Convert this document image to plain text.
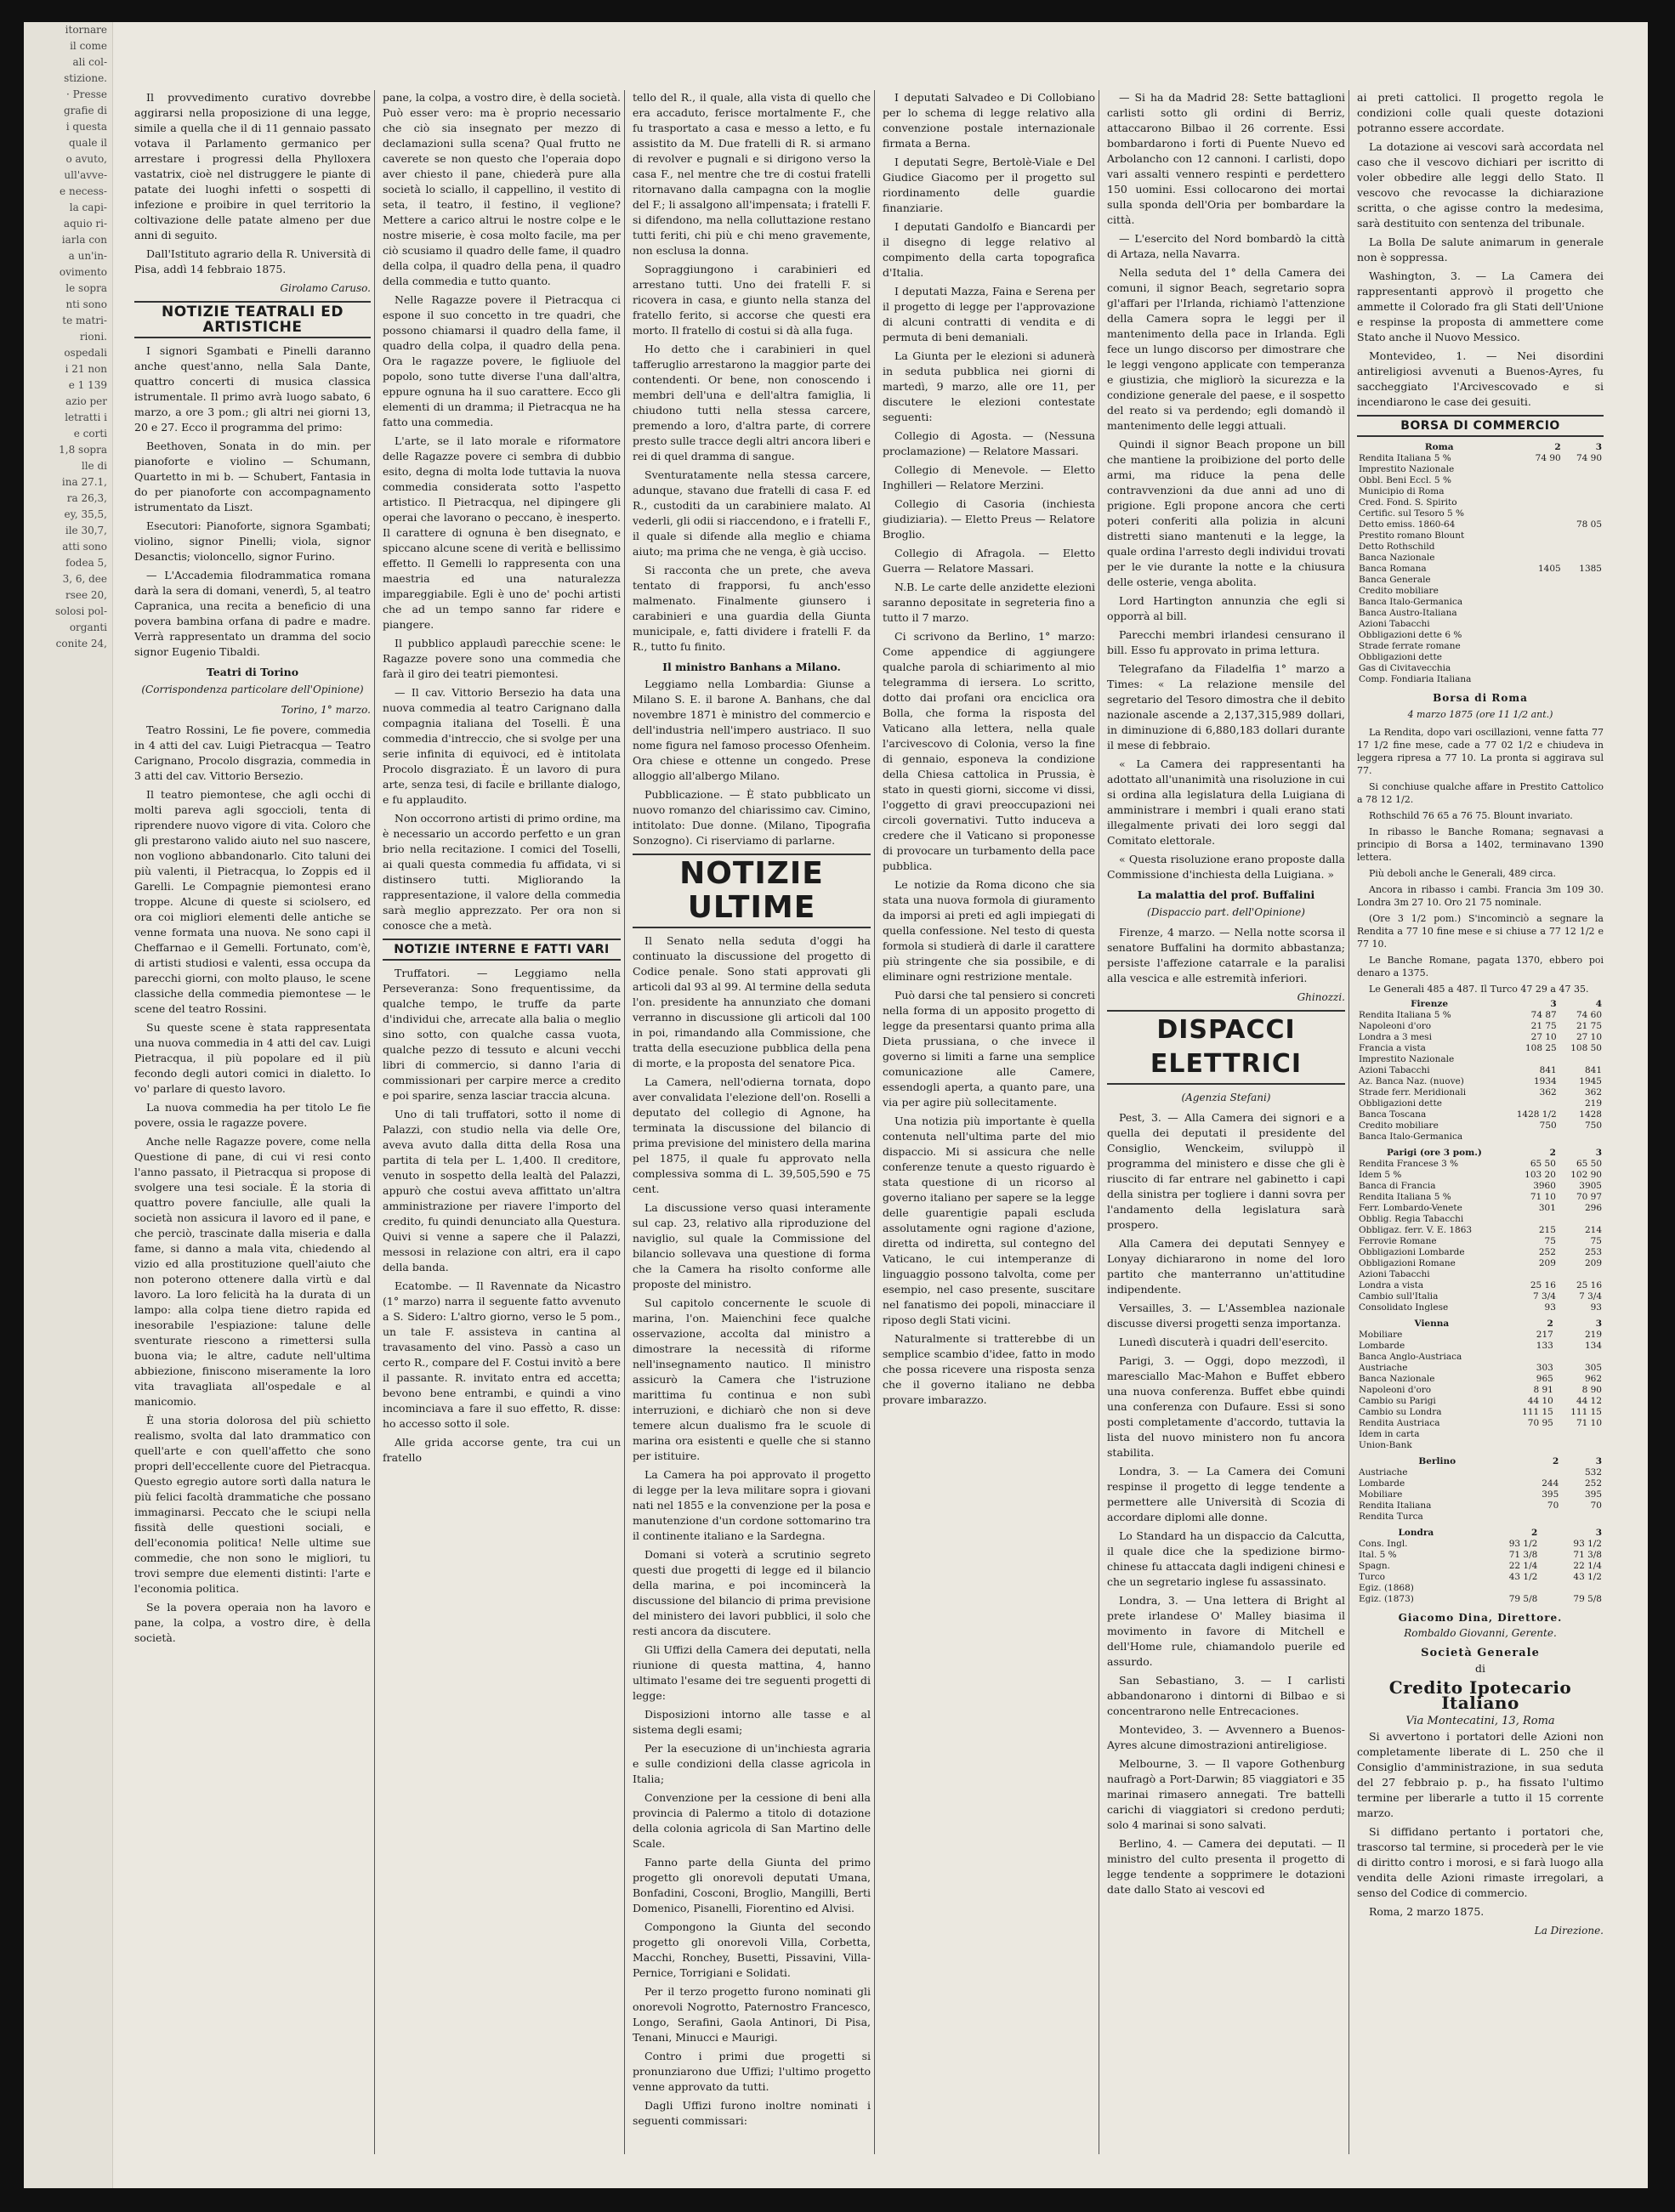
itornare
il come
ali col-
stizione.
· Presse
grafie di
i questa
quale il
o avuto,
ull'avve-
e necess-
la capi-
aquio ri-
iarla con
a un'in-
ovimento
le sopra
nti sono
te matri-
rioni.
ospedali
i 21 non
e 1 139
azio per
letratti i
e corti
1,8 sopra
lle di
ina 27.1,
ra 26,3,
ey, 35,5,
ile 30,7,
atti sono
fodea 5,
3, 6, dee
rsee 20,
solosi pol-
organti
conite 24,

Il provvedimento curativo dovrebbe aggirarsi nella proposizione di una legge, simile a quella che il di 11 gennaio passato votava il Parlamento germanico per arrestare i progressi della Phylloxera vastatrix, cioè nel distruggere le piante di patate dei luoghi infetti o sospetti di infezione e proibire in quel territorio la coltivazione delle patate almeno per due anni di seguito.

Dall'Istituto agrario della R. Università di Pisa, addì 14 febbraio 1875.

Girolamo Caruso.
NOTIZIE TEATRALI ED ARTISTICHE

I signori Sgambati e Pinelli daranno anche quest'anno, nella Sala Dante, quattro concerti di musica classica istrumentale. Il primo avrà luogo sabato, 6 marzo, a ore 3 pom.; gli altri nei giorni 13, 20 e 27. Ecco il programma del primo:

Beethoven, Sonata in do min. per pianoforte e violino — Schumann, Quartetto in mi b. — Schubert, Fantasia in do per pianoforte con accompagnamento istrumentato da Liszt.

Esecutori: Pianoforte, signora Sgambati; violino, signor Pinelli; viola, signor Desanctis; violoncello, signor Furino.

— L'Accademia filodrammatica romana darà la sera di domani, venerdì, 5, al teatro Capranica, una recita a beneficio di una povera bambina orfana di padre e madre. Verrà rappresentato un dramma del socio signor Eugenio Tibaldi.

Teatri di Torino
(Corrispondenza particolare dell'Opinione)
Torino, 1° marzo.

Teatro Rossini, Le fie povere, commedia in 4 atti del cav. Luigi Pietracqua — Teatro Carignano, Procolo disgrazia, commedia in 3 atti del cav. Vittorio Bersezio.

Il teatro piemontese, che agli occhi di molti pareva agli sgoccioli, tenta di riprendere nuovo vigore di vita. Coloro che gli prestarono valido aiuto nel suo nascere, non vogliono abbandonarlo. Cito taluni dei più valenti, il Pietracqua, lo Zoppis ed il Garelli. Le Compagnie piemontesi erano troppe. Alcune di queste si sciolsero, ed ora coi migliori elementi delle antiche se venne formata una nuova. Ne sono capi il Cheffarnao e il Gemelli. Fortunato, com'è, di artisti studiosi e valenti, essa occupa da parecchi giorni, con molto plauso, le scene classiche della commedia piemontese — le scene del teatro Rossini.

Su queste scene è stata rappresentata una nuova commedia in 4 atti del cav. Luigi Pietracqua, il più popolare ed il più fecondo degli autori comici in dialetto. Io vo' parlare di questo lavoro.

La nuova commedia ha per titolo Le fie povere, ossia le ragazze povere.

Anche nelle Ragazze povere, come nella Questione di pane, di cui vi resi conto l'anno passato, il Pietracqua si propose di svolgere una tesi sociale. È la storia di quattro povere fanciulle, alle quali la società non assicura il lavoro ed il pane, e che perciò, trascinate dalla miseria e dalla fame, si danno a mala vita, chiedendo al vizio ed alla prostituzione quell'aiuto che non poterono ottenere dalla virtù e dal lavoro. La loro felicità ha la durata di un lampo: alla colpa tiene dietro rapida ed inesorabile l'espiazione: talune delle sventurate riescono a rimettersi sulla buona via; le altre, cadute nell'ultima abbiezione, finiscono miseramente la loro vita travagliata all'ospedale e al manicomio.

È una storia dolorosa del più schietto realismo, svolta dal lato drammatico con quell'arte e con quell'affetto che sono propri dell'eccellente cuore del Pietracqua. Questo egregio autore sortì dalla natura le più felici facoltà drammatiche che possano immaginarsi. Peccato che le sciupi nella fissità delle questioni sociali, e dell'economia politica! Nelle ultime sue commedie, che non sono le migliori, tu trovi sempre due elementi distinti: l'arte e l'economia politica.

Se la povera operaia non ha lavoro e pane, la colpa, a vostro dire, è della società.

pane, la colpa, a vostro dire, è della società. Può esser vero: ma è proprio necessario che ciò sia insegnato per mezzo di declamazioni sulla scena? Qual frutto ne caverete se non questo che l'operaia dopo aver chiesto il pane, chiederà pure alla società lo sciallo, il cappellino, il vestito di seta, il teatro, il festino, il veglione? Mettere a carico altrui le nostre colpe e le nostre miserie, è cosa molto facile, ma per ciò scusiamo il quadro delle fame, il quadro della colpa, il quadro della pena, il quadro della commedia e tutto quanto.

Nelle Ragazze povere il Pietracqua ci espone il suo concetto in tre quadri, che possono chiamarsi il quadro della fame, il quadro della colpa, il quadro della pena. Ora le ragazze povere, le figliuole del popolo, sono tutte diverse l'una dall'altra, eppure ognuna ha il suo carattere. Ecco gli elementi di un dramma; il Pietracqua ne ha fatto una commedia.

L'arte, se il lato morale e riformatore delle Ragazze povere ci sembra di dubbio esito, degna di molta lode tuttavia la nuova commedia considerata sotto l'aspetto artistico. Il Pietracqua, nel dipingere gli operai che lavorano o peccano, è inesperto. Il carattere di ognuna è ben disegnato, e spiccano alcune scene di verità e bellissimo effetto. Il Gemelli lo rappresenta con una maestria ed una naturalezza impareggiabile. Egli è uno de' pochi artisti che ad un tempo sanno far ridere e piangere.

Il pubblico applaudì parecchie scene: le Ragazze povere sono una commedia che farà il giro dei teatri piemontesi.

— Il cav. Vittorio Bersezio ha data una nuova commedia al teatro Carignano dalla compagnia italiana del Toselli. È una commedia d'intreccio, che si svolge per una serie infinita di equivoci, ed è intitolata Procolo disgraziato. È un lavoro di pura arte, senza tesi, di facile e brillante dialogo, e fu applaudito.

Non occorrono artisti di primo ordine, ma è necessario un accordo perfetto e un gran brio nella recitazione. I comici del Toselli, ai quali questa commedia fu affidata, vi si distinsero tutti. Migliorando la rappresentazione, il valore della commedia sarà meglio apprezzato. Per ora non si conosce che a metà.

NOTIZIE INTERNE E FATTI VARI

Truffatori. — Leggiamo nella Perseveranza: Sono frequentissime, da qualche tempo, le truffe da parte d'individui che, arrecate alla balia o meglio sino sotto, con qualche cassa vuota, qualche pezzo di tessuto e alcuni vecchi libri di commercio, si danno l'aria di commissionari per carpire merce a credito e poi sparire, senza lasciar traccia alcuna.

Uno di tali truffatori, sotto il nome di Palazzi, con studio nella via delle Ore, aveva avuto dalla ditta della Rosa una partita di tela per L. 1,400. Il creditore, venuto in sospetto della lealtà del Palazzi, appurò che costui aveva affittato un'altra amministrazione per riavere l'importo del credito, fu quindi denunciato alla Questura. Quivi si venne a sapere che il Palazzi, messosi in relazione con altri, era il capo della banda.

Ecatombe. — Il Ravennate da Nicastro (1° marzo) narra il seguente fatto avvenuto a S. Sidero: L'altro giorno, verso le 5 pom., un tale F. assisteva in cantina al travasamento del vino. Passò a caso un certo R., compare del F. Costui invitò a bere il passante. R. invitato entra ed accetta; bevono bene entrambi, e quindi a vino incominciava a fare il suo effetto, R. disse: ho accesso sotto il sole.

Alle grida accorse gente, tra cui un fratello

tello del R., il quale, alla vista di quello che era accaduto, ferisce mortalmente F., che fu trasportato a casa e messo a letto, e fu assistito da M. Due fratelli di R. si armano di revolver e pugnali e si dirigono verso la casa F., nel mentre che tre di costui fratelli ritornavano dalla campagna con la moglie del F.; li assalgono all'impensata; i fratelli F. si difendono, ma nella colluttazione restano tutti feriti, chi più e chi meno gravemente, non esclusa la donna.

Sopraggiungono i carabinieri ed arrestano tutti. Uno dei fratelli F. si ricovera in casa, e giunto nella stanza del fratello ferito, si accorse che questi era morto. Il fratello di costui si dà alla fuga.

Ho detto che i carabinieri in quel tafferuglio arrestarono la maggior parte dei contendenti. Or bene, non conoscendo i membri dell'una e dell'altra famiglia, li chiudono tutti nella stessa carcere, premendo a loro, d'altra parte, di correre presto sulle tracce degli altri ancora liberi e rei di quel dramma di sangue.

Sventuratamente nella stessa carcere, adunque, stavano due fratelli di casa F. ed R., custoditi da un carabiniere malato. Al vederli, gli odii si riaccendono, e i fratelli F., il quale si difende alla meglio e chiama aiuto; ma prima che ne venga, è già ucciso.

Si racconta che un prete, che aveva tentato di frapporsi, fu anch'esso malmenato. Finalmente giunsero i carabinieri e una guardia della Giunta municipale, e, fatti dividere i fratelli F. da R., tutto fu finito.

Il ministro Banhans a Milano.

Leggiamo nella Lombardia: Giunse a Milano S. E. il barone A. Banhans, che dal novembre 1871 è ministro del commercio e dell'industria nell'impero austriaco. Il suo nome figura nel famoso processo Ofenheim. Ora chiese e ottenne un congedo. Prese alloggio all'albergo Milano.

Pubblicazione. — È stato pubblicato un nuovo romanzo del chiarissimo cav. Cimino, intitolato: Due donne. (Milano, Tipografia Sonzogno). Ci riserviamo di parlarne.

NOTIZIE ULTIME

Il Senato nella seduta d'oggi ha continuato la discussione del progetto di Codice penale. Sono stati approvati gli articoli dal 93 al 99. Al termine della seduta l'on. presidente ha annunziato che domani verranno in discussione gli articoli dal 100 in poi, rimandando alla Commissione, che tratta della esecuzione pubblica della pena di morte, e la proposta del senatore Pica.

La Camera, nell'odierna tornata, dopo aver convalidata l'elezione dell'on. Roselli a deputato del collegio di Agnone, ha terminata la discussione del bilancio di prima previsione del ministero della marina pel 1875, il quale fu approvato nella complessiva somma di L. 39,505,590 e 75 cent.

La discussione verso quasi interamente sul cap. 23, relativo alla riproduzione del naviglio, sul quale la Commissione del bilancio sollevava una questione di forma che la Camera ha risolto conforme alle proposte del ministro.

Sul capitolo concernente le scuole di marina, l'on. Maienchini fece qualche osservazione, accolta dal ministro a dimostrare la necessità di riforme nell'insegnamento nautico. Il ministro assicurò la Camera che l'istruzione marittima fu continua e non subì interruzioni, e dichiarò che non si deve temere alcun dualismo fra le scuole di marina ora esistenti e quelle che si stanno per istituire.

La Camera ha poi approvato il progetto di legge per la leva militare sopra i giovani nati nel 1855 e la convenzione per la posa e manutenzione d'un cordone sottomarino tra il continente italiano e la Sardegna.

Domani si voterà a scrutinio segreto questi due progetti di legge ed il bilancio della marina, e poi incomincerà la discussione del bilancio di prima previsione del ministero dei lavori pubblici, il solo che resti ancora da discutere.

Gli Uffizi della Camera dei deputati, nella riunione di questa mattina, 4, hanno ultimato l'esame dei tre seguenti progetti di legge:

Disposizioni intorno alle tasse e al sistema degli esami;

Per la esecuzione di un'inchiesta agraria e sulle condizioni della classe agricola in Italia;

Convenzione per la cessione di beni alla provincia di Palermo a titolo di dotazione della colonia agricola di San Martino delle Scale.

Fanno parte della Giunta del primo progetto gli onorevoli deputati Umana, Bonfadini, Cosconi, Broglio, Mangilli, Berti Domenico, Pisanelli, Fiorentino ed Alvisi.

Compongono la Giunta del secondo progetto gli onorevoli Villa, Corbetta, Macchi, Ronchey, Busetti, Pissavini, Villa-Pernice, Torrigiani e Solidati.

Per il terzo progetto furono nominati gli onorevoli Nogrotto, Paternostro Francesco, Longo, Serafini, Gaola Antinori, Di Pisa, Tenani, Minucci e Maurigi.

Contro i primi due progetti si pronunziarono due Uffizi; l'ultimo progetto venne approvato da tutti.

Dagli Uffizi furono inoltre nominati i seguenti commissari:

I deputati Salvadeo e Di Collobiano per lo schema di legge relativo alla convenzione postale internazionale firmata a Berna.

I deputati Segre, Bertolè-Viale e Del Giudice Giacomo per il progetto sul riordinamento delle guardie finanziarie.

I deputati Gandolfo e Biancardi per il disegno di legge relativo al compimento della carta topografica d'Italia.

I deputati Mazza, Faina e Serena per il progetto di legge per l'approvazione di alcuni contratti di vendita e di permuta di beni demaniali.

La Giunta per le elezioni si adunerà in seduta pubblica nei giorni di martedì, 9 marzo, alle ore 11, per discutere le elezioni contestate seguenti:

Collegio di Agosta. — (Nessuna proclamazione) — Relatore Massari.

Collegio di Menevole. — Eletto Inghilleri — Relatore Merzini.

Collegio di Casoria (inchiesta giudiziaria). — Eletto Preus — Relatore Broglio.

Collegio di Afragola. — Eletto Guerra — Relatore Massari.

N.B. Le carte delle anzidette elezioni saranno depositate in segreteria fino a tutto il 7 marzo.

Ci scrivono da Berlino, 1° marzo: Come appendice di aggiungere qualche parola di schiarimento al mio telegramma di iersera. Lo scritto, dotto dai profani ora enciclica ora Bolla, che forma la risposta del Vaticano alla lettera, nella quale l'arcivescovo di Colonia, verso la fine di gennaio, esponeva la condizione della Chiesa cattolica in Prussia, è stato in questi giorni, siccome vi dissi, l'oggetto di gravi preoccupazioni nei circoli governativi. Tutto induceva a credere che il Vaticano si proponesse di provocare un turbamento della pace pubblica.

Le notizie da Roma dicono che sia stata una nuova formola di giuramento da imporsi ai preti ed agli impiegati di quella confessione. Nel testo di questa formola si studierà di darle il carattere più stringente che sia possibile, e di eliminare ogni restrizione mentale.

Può darsi che tal pensiero si concreti nella forma di un apposito progetto di legge da presentarsi quanto prima alla Dieta prussiana, o che invece il governo si limiti a farne una semplice comunicazione alle Camere, essendogli aperta, a quanto pare, una via per agire più sollecitamente.

Una notizia più importante è quella contenuta nell'ultima parte del mio dispaccio. Mi si assicura che nelle conferenze tenute a questo riguardo è stata questione di un ricorso al governo italiano per sapere se la legge delle guarentigie papali escluda assolutamente ogni ragione d'azione, diretta od indiretta, sul contegno del Vaticano, le cui intemperanze di linguaggio possono talvolta, come per esempio, nel caso presente, suscitare nel fanatismo dei popoli, minacciare il riposo degli Stati vicini.

Naturalmente si tratterebbe di un semplice scambio d'idee, fatto in modo che possa ricevere una risposta senza che il governo italiano ne debba provare imbarazzo.

— Si ha da Madrid 28: Sette battaglioni carlisti sotto gli ordini di Berriz, attaccarono Bilbao il 26 corrente. Essi bombardarono i forti di Puente Nuevo ed Arbolancho con 12 cannoni. I carlisti, dopo vari assalti vennero respinti e perdettero 150 uomini. Essi collocarono dei mortai sulla sponda dell'Oria per bombardare la città.

— L'esercito del Nord bombardò la città di Artaza, nella Navarra.

Nella seduta del 1° della Camera dei comuni, il signor Beach, segretario sopra gl'affari per l'Irlanda, richiamò l'attenzione della Camera sopra le leggi per il mantenimento della pace in Irlanda. Egli fece un lungo discorso per dimostrare che le leggi vengono applicate con temperanza e giustizia, che migliorò la sicurezza e la condizione generale del paese, e il sospetto del reato si va perdendo; egli domandò il mantenimento delle leggi attuali.

Quindi il signor Beach propone un bill che mantiene la proibizione del porto delle armi, ma riduce la pena delle contravvenzioni da due anni ad uno di prigione. Egli propone ancora che certi poteri conferiti alla polizia in alcuni distretti siano mantenuti e la legge, la quale ordina l'arresto degli individui trovati per le vie durante la notte e la chiusura delle osterie, venga abolita.

Lord Hartington annunzia che egli si opporrà al bill.

Parecchi membri irlandesi censurano il bill. Esso fu approvato in prima lettura.

Telegrafano da Filadelfia 1° marzo a Times: « La relazione mensile del segretario del Tesoro dimostra che il debito nazionale ascende a 2,137,315,989 dollari, in diminuzione di 6,880,183 dollari durante il mese di febbraio.

« La Camera dei rappresentanti ha adottato all'unanimità una risoluzione in cui si ordina alla legislatura della Luigiana di amministrare i membri i quali erano stati illegalmente privati dei loro seggi dal Comitato elettorale.

« Questa risoluzione erano proposte dalla Commissione d'inchiesta della Luigiana. »

La malattia del prof. Buffalini
(Dispaccio part. dell'Opinione)

Firenze, 4 marzo. — Nella notte scorsa il senatore Buffalini ha dormito abbastanza; persiste l'affezione catarrale e la paralisi alla vescica e alle estremità inferiori.

Ghinozzi.
DISPACCI ELETTRICI
(Agenzia Stefani)

Pest, 3. — Alla Camera dei signori e a quella dei deputati il presidente del Consiglio, Wenckeim, sviluppò il programma del ministero e disse che gli è riuscito di far entrare nel gabinetto i capi della sinistra per togliere i danni sovra per l'andamento della legislatura sarà prospero.

Alla Camera dei deputati Sennyey e Lonyay dichiararono in nome del loro partito che manterranno un'attitudine indipendente.

Versailles, 3. — L'Assemblea nazionale discusse diversi progetti senza importanza.

Lunedì discuterà i quadri dell'esercito.

Parigi, 3. — Oggi, dopo mezzodì, il maresciallo Mac-Mahon e Buffet ebbero una nuova conferenza. Buffet ebbe quindi una conferenza con Dufaure. Essi si sono posti completamente d'accordo, tuttavia la lista del nuovo ministero non fu ancora stabilita.

Londra, 3. — La Camera dei Comuni respinse il progetto di legge tendente a permettere alle Università di Scozia di accordare diplomi alle donne.

Lo Standard ha un dispaccio da Calcutta, il quale dice che la spedizione birmo-chinese fu attaccata dagli indigeni chinesi e che un segretario inglese fu assassinato.

Londra, 3. — Una lettera di Bright al prete irlandese O' Malley biasima il movimento in favore di Mitchell e dell'Home rule, chiamandolo puerile ed assurdo.

San Sebastiano, 3. — I carlisti abbandonarono i dintorni di Bilbao e si concentrarono nelle Entrecaciones.

Montevideo, 3. — Avvennero a Buenos-Ayres alcune dimostrazioni antireligiose.

Melbourne, 3. — Il vapore Gothenburg naufragò a Port-Darwin; 85 viaggiatori e 35 marinai rimasero annegati. Tre battelli carichi di viaggiatori si credono perduti; solo 4 marinai si sono salvati.

Berlino, 4. — Camera dei deputati. — Il ministro del culto presenta il progetto di legge tendente a sopprimere le dotazioni date dallo Stato ai vescovi ed

ai preti cattolici. Il progetto regola le condizioni colle quali queste dotazioni potranno essere accordate.

La dotazione ai vescovi sarà accordata nel caso che il vescovo dichiari per iscritto di voler obbedire alle leggi dello Stato. Il vescovo che revocasse la dichiarazione scritta, o che agisse contro la medesima, sarà destituito con sentenza del tribunale.

La Bolla De salute animarum in generale non è soppressa.

Washington, 3. — La Camera dei rappresentanti approvò il progetto che ammette il Colorado fra gli Stati dell'Unione e respinse la proposta di ammettere come Stato anche il Nuovo Messico.

Montevideo, 1. — Nei disordini antireligiosi avvenuti a Buenos-Ayres, fu saccheggiato l'Arcivescovado e si incendiarono le case dei gesuiti.

BORSA DI COMMERCIO
Roma	2	3
Rendita Italiana 5 %	74 90	74 90
Imprestito Nazionale		
Obbl. Beni Eccl. 5 %		
Municipio di Roma		
Cred. Fond. S. Spirito		
Certific. sul Tesoro 5 %		
Detto emiss. 1860-64		78 05
Prestito romano Blount		
Detto Rothschild		
Banca Nazionale		
Banca Romana	1405	1385
Banca Generale		
Credito mobiliare		
Banca Italo-Germanica		
Banca Austro-Italiana		
Azioni Tabacchi		
Obbligazioni dette 6 %		
Strade ferrate romane		
Obbligazioni dette		
Gas di Civitavecchia		
Comp. Fondiaria Italiana		
Borsa di Roma
4 marzo 1875 (ore 11 1/2 ant.)

La Rendita, dopo vari oscillazioni, venne fatta 77 17 1/2 fine mese, cade a 77 02 1/2 e chiudeva in leggera ripresa a 77 10. La pronta si aggirava sul 77.

Si conchiuse qualche affare in Prestito Cattolico a 78 12 1/2.

Rothschild 76 65 a 76 75. Blount invariato.

In ribasso le Banche Romana; segnavasi a principio di Borsa a 1402, terminavano 1390 lettera.

Più deboli anche le Generali, 489 circa.

Ancora in ribasso i cambi. Francia 3m 109 30. Londra 3m 27 10. Oro 21 75 nominale.

(Ore 3 1/2 pom.) S'incominciò a segnare la Rendita a 77 10 fine mese e si chiuse a 77 12 1/2 e 77 10.

Le Banche Romane, pagata 1370, ebbero poi denaro a 1375.

Le Generali 485 a 487. Il Turco 47 29 a 47 35.

Firenze	3	4
Rendita Italiana 5 %	74 87	74 60
Napoleoni d'oro	21 75	21 75
Londra a 3 mesi	27 10	27 10
Francia a vista	108 25	108 50
Imprestito Nazionale		
Azioni Tabacchi	841	841
Az. Banca Naz. (nuove)	1934	1945
Strade ferr. Meridionali	362	362
Obbligazioni dette		219
Banca Toscana	1428 1/2	1428
Credito mobiliare	750	750
Banca Italo-Germanica		
Parigi (ore 3 pom.)	2	3
Rendita Francese 3 %	65 50	65 50
Idem 5 %	103 20	102 90
Banca di Francia	3960	3905
Rendita Italiana 5 %	71 10	70 97
Ferr. Lombardo-Venete	301	296
Obblig. Regia Tabacchi		
Obbligaz. ferr. V. E. 1863	215	214
Ferrovie Romane	75	75
Obbligazioni Lombarde	252	253
Obbligazioni Romane	209	209
Azioni Tabacchi		
Londra a vista	25 16	25 16
Cambio sull'Italia	7 3/4	7 3/4
Consolidato Inglese	93	93
Vienna	2	3
Mobiliare	217	219
Lombarde	133	134
Banca Anglo-Austriaca		
Austriache	303	305
Banca Nazionale	965	962
Napoleoni d'oro	8 91	8 90
Cambio su Parigi	44 10	44 12
Cambio su Londra	111 15	111 15
Rendita Austriaca	70 95	71 10
Idem in carta		
Union-Bank		
Berlino	2	3
Austriache		532
Lombarde	244	252
Mobiliare	395	395
Rendita Italiana	70	70
Rendita Turca		
Londra	2	3
Cons. Ingl.	93 1/2	93 1/2
Ital. 5 %	71 3/8	71 3/8
Spagn.	22 1/4	22 1/4
Turco	43 1/2	43 1/2
Egiz. (1868)		
Egiz. (1873)	79 5/8	79 5/8
Giacomo Dina, Direttore.
Rombaldo Giovanni, Gerente.
Società Generale
di
Credito Ipotecario Italiano
Via Montecatini, 13, Roma

Si avvertono i portatori delle Azioni non completamente liberate di L. 250 che il Consiglio d'amministrazione, in sua seduta del 27 febbraio p. p., ha fissato l'ultimo termine per liberarle a tutto il 15 corrente marzo.

Si diffidano pertanto i portatori che, trascorso tal termine, si procederà per le vie di diritto contro i morosi, e si farà luogo alla vendita delle Azioni rimaste irregolari, a senso del Codice di commercio.

Roma, 2 marzo 1875.

La Direzione.
